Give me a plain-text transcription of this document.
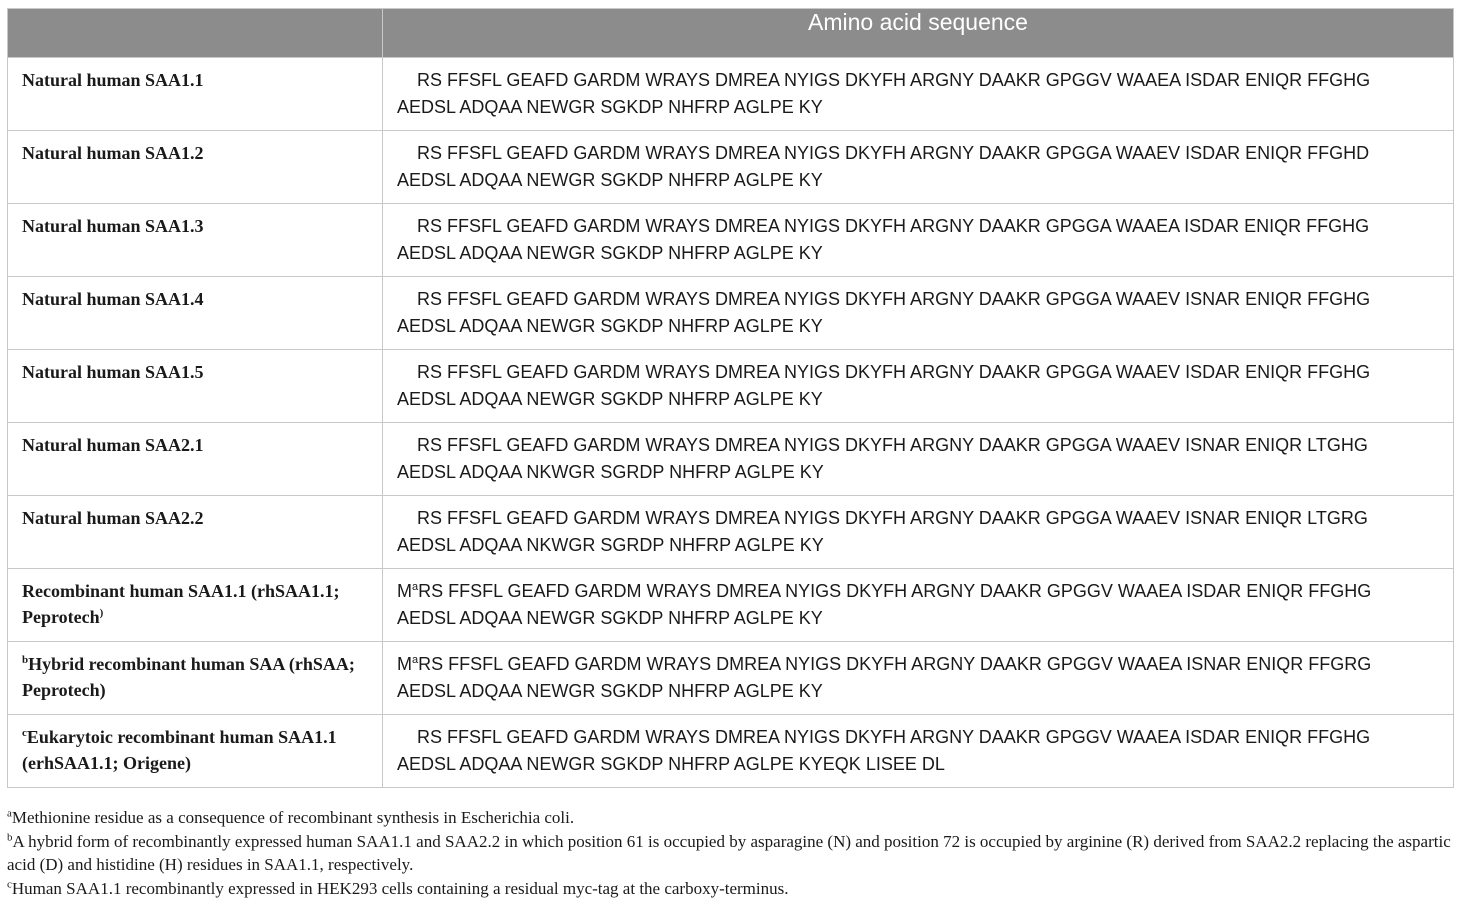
	Amino acid sequence
Natural human SAA1.1	RS FFSFL GEAFD GARDM WRAYS DMREA NYIGS DKYFH ARGNY DAAKR GPGGV WAAEA ISDAR ENIQR FFGHG
AEDSL ADQAA NEWGR SGKDP NHFRP AGLPE KY
Natural human SAA1.2	RS FFSFL GEAFD GARDM WRAYS DMREA NYIGS DKYFH ARGNY DAAKR GPGGA WAAEV ISDAR ENIQR FFGHD
AEDSL ADQAA NEWGR SGKDP NHFRP AGLPE KY
Natural human SAA1.3	RS FFSFL GEAFD GARDM WRAYS DMREA NYIGS DKYFH ARGNY DAAKR GPGGA WAAEA ISDAR ENIQR FFGHG
AEDSL ADQAA NEWGR SGKDP NHFRP AGLPE KY
Natural human SAA1.4	RS FFSFL GEAFD GARDM WRAYS DMREA NYIGS DKYFH ARGNY DAAKR GPGGA WAAEV ISNAR ENIQR FFGHG
AEDSL ADQAA NEWGR SGKDP NHFRP AGLPE KY
Natural human SAA1.5	RS FFSFL GEAFD GARDM WRAYS DMREA NYIGS DKYFH ARGNY DAAKR GPGGA WAAEV ISDAR ENIQR FFGHG
AEDSL ADQAA NEWGR SGKDP NHFRP AGLPE KY
Natural human SAA2.1	RS FFSFL GEAFD GARDM WRAYS DMREA NYIGS DKYFH ARGNY DAAKR GPGGA WAAEV ISNAR ENIQR LTGHG
AEDSL ADQAA NKWGR SGRDP NHFRP AGLPE KY
Natural human SAA2.2	RS FFSFL GEAFD GARDM WRAYS DMREA NYIGS DKYFH ARGNY DAAKR GPGGA WAAEV ISNAR ENIQR LTGRG
AEDSL ADQAA NKWGR SGRDP NHFRP AGLPE KY
Recombinant human SAA1.1 (rhSAA1.1; Peprotech)	$M^aRS$ FFSFL GEAFD GARDM WRAYS DMREA NYIGS DKYFH ARGNY DAAKR GPGGV WAAEA ISDAR ENIQR FFGHG
AEDSL ADQAA NEWGR SGKDP NHFRP AGLPE KY
$^b$Hybrid recombinant human SAA (rhSAA; Peprotech)	$M^aRS$ FFSFL GEAFD GARDM WRAYS DMREA NYIGS DKYFH ARGNY DAAKR GPGGV WAAEA ISNAR ENIQR FFGRG
AEDSL ADQAA NEWGR SGKDP NHFRP AGLPE KY
$^c$Eukarytoic recombinant human SAA1.1 (erhSAA1.1; Origene)	RS FFSFL GEAFD GARDM WRAYS DMREA NYIGS DKYFH ARGNY DAAKR GPGGV WAAEA ISDAR ENIQR FFGHG
AEDSL ADQAA NEWGR SGKDP NHFRP AGLPE KYEQK LISEE DL

$^a$Methionine residue as a consequence of recombinant synthesis in Escherichia coli.

$^b$A hybrid form of recombinantly expressed human SAA1.1 and SAA2.2 in which position 61 is occupied by asparagine (N) and position 72 is occupied by arginine (R) derived from SAA2.2 replacing the aspartic acid (D) and histidine (H) residues in SAA1.1, respectively.

$^c$Human SAA1.1 recombinantly expressed in HEK293 cells containing a residual myc-tag at the carboxy-terminus.
